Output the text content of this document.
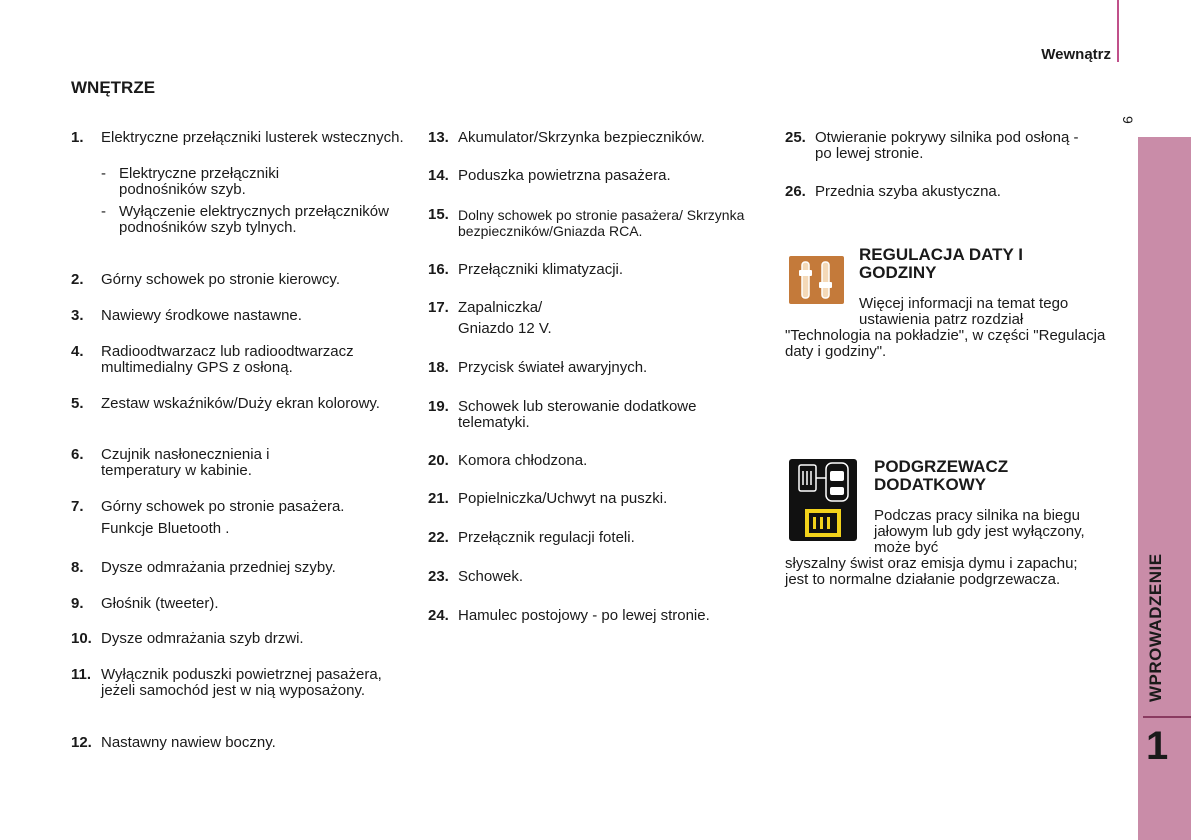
Wewnątrz
9
WPROWADZENIE
1
WNĘTRZE
1. Elektryczne przełączniki lusterek wstecznych.
- Elektryczne przełączniki podnośników szyb.
- Wyłączenie elektrycznych przełączników podnośników szyb tylnych.
2. Górny schowek po stronie kierowcy.
3. Nawiewy środkowe nastawne.
4. Radioodtwarzacz lub radioodtwarzacz multimedialny GPS z osłoną.
5. Zestaw wskaźników/Duży ekran kolorowy.
6. Czujnik nasłonecznienia i temperatury w kabinie.
7. Górny schowek po stronie pasażera.
Funkcje Bluetooth .
8. Dysze odmrażania przedniej szyby.
9. Głośnik (tweeter).
10. Dysze odmrażania szyb drzwi.
11. Wyłącznik poduszki powietrznej pasażera, jeżeli samochód jest w nią wyposażony.
12. Nastawny nawiew boczny.
13. Akumulator/Skrzynka bezpieczników.
14. Poduszka powietrzna pasażera.
15. Dolny schowek po stronie pasażera/ Skrzynka bezpieczników/Gniazda RCA.
16. Przełączniki klimatyzacji.
17. Zapalniczka/
Gniazdo 12 V.
18. Przycisk świateł awaryjnych.
19. Schowek lub sterowanie dodatkowe telematyki.
20. Komora chłodzona.
21. Popielniczka/Uchwyt na puszki.
22. Przełącznik regulacji foteli.
23. Schowek.
24. Hamulec postojowy - po lewej stronie.
25. Otwieranie pokrywy silnika pod osłoną - po lewej stronie.
26. Przednia szyba akustyczna.
REGULACJA DATY I GODZINY
Więcej informacji na temat tego ustawienia patrz rozdział
"Technologia na pokładzie", w części "Regulacja daty i godziny".
PODGRZEWACZ DODATKOWY
Podczas pracy silnika na biegu jałowym lub gdy jest wyłączony, może być
słyszalny świst oraz emisja dymu i zapachu; jest to normalne działanie podgrzewacza.
